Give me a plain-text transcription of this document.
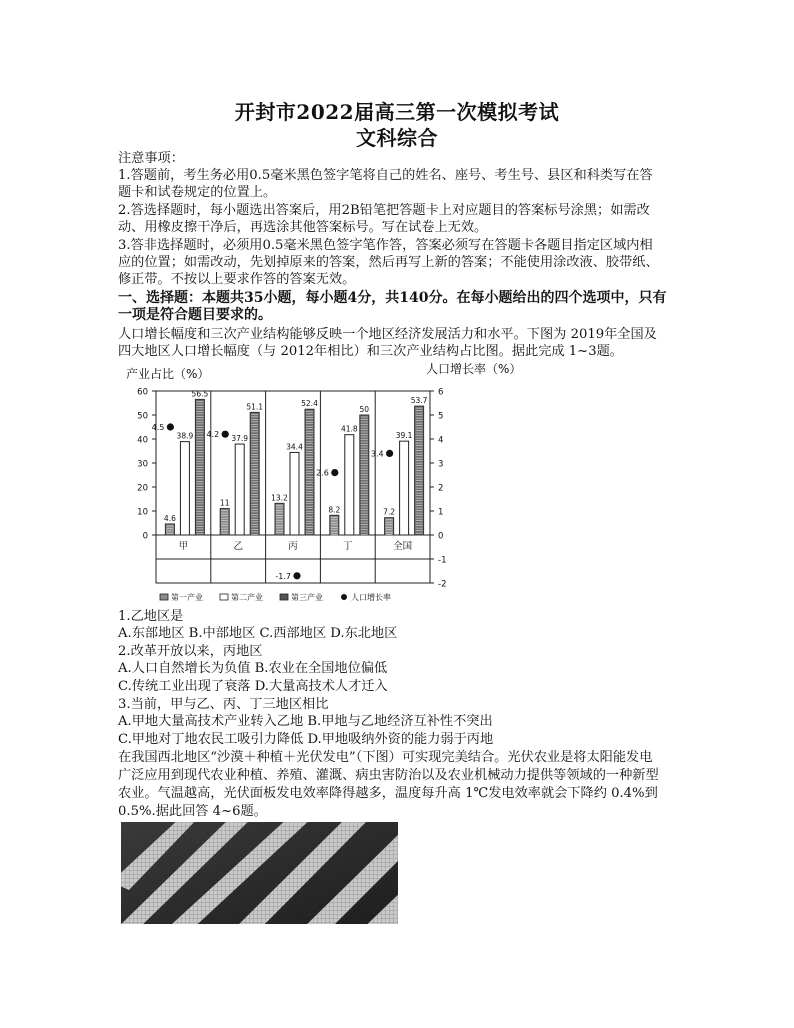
开封市2022届高三第一次模拟考试
文科综合
注意事项：
1.答题前，考生务必用0.5毫米黑色签字笔将自己的姓名、座号、考生号、县区和科类写在答
题卡和试卷规定的位置上。
2.答选择题时，每小题选出答案后，用2B铅笔把答题卡上对应题目的答案标号涂黑；如需改
动、用橡皮擦干净后，再选涂其他答案标号。写在试卷上无效。
3.答非选择题时，必须用0.5毫米黑色签字笔作答，答案必须写在答题卡各题目指定区域内相
应的位置；如需改动，先划掉原来的答案，然后再写上新的答案；不能使用涂改液、胶带纸、
修正带。不按以上要求作答的答案无效。
一、选择题：本题共35小题，每小题4分，共140分。在每小题给出的四个选项中，只有
一项是符合题目要求的。
人口增长幅度和三次产业结构能够反映一个地区经济发展活力和水平。下图为 2019年全国及
四大地区人口增长幅度（与 2012年相比）和三次产业结构占比图。据此完成 1~3题。
产业占比（%）	人口增长率（%）
0
10
20
30
40
50
60
-2
-1
0
1
2
3
4
5
6
甲
4.6
38.9
56.5
4.5
乙
11
37.9
51.1
4.2
丙
13.2
34.4
52.4
-1.7
丁
8.2
41.8
50
2.6
全国
7.2
39.1
53.7
3.4
第一产业	第二产业	第三产业	人口增长率
1.乙地区是
A.东部地区 B.中部地区 C.西部地区 D.东北地区
2.改革开放以来，丙地区
A.人口自然增长为负值 B.农业在全国地位偏低
C.传统工业出现了衰落 D.大量高技术人才迁入
3.当前，甲与乙、丙、丁三地区相比
A.甲地大量高技术产业转入乙地 B.甲地与乙地经济互补性不突出
C.甲地对丁地农民工吸引力降低 D.甲地吸纳外资的能力弱于丙地
在我国西北地区“沙漠＋种植＋光伏发电”（下图）可实现完美结合。光伏农业是将太阳能发电
广泛应用到现代农业种植、养殖、灌溉、病虫害防治以及农业机械动力提供等领域的一种新型
农业。气温越高，光伏面板发电效率降得越多，温度每升高 1℃发电效率就会下降约 0.4%到
0.5%.据此回答 4~6题。
